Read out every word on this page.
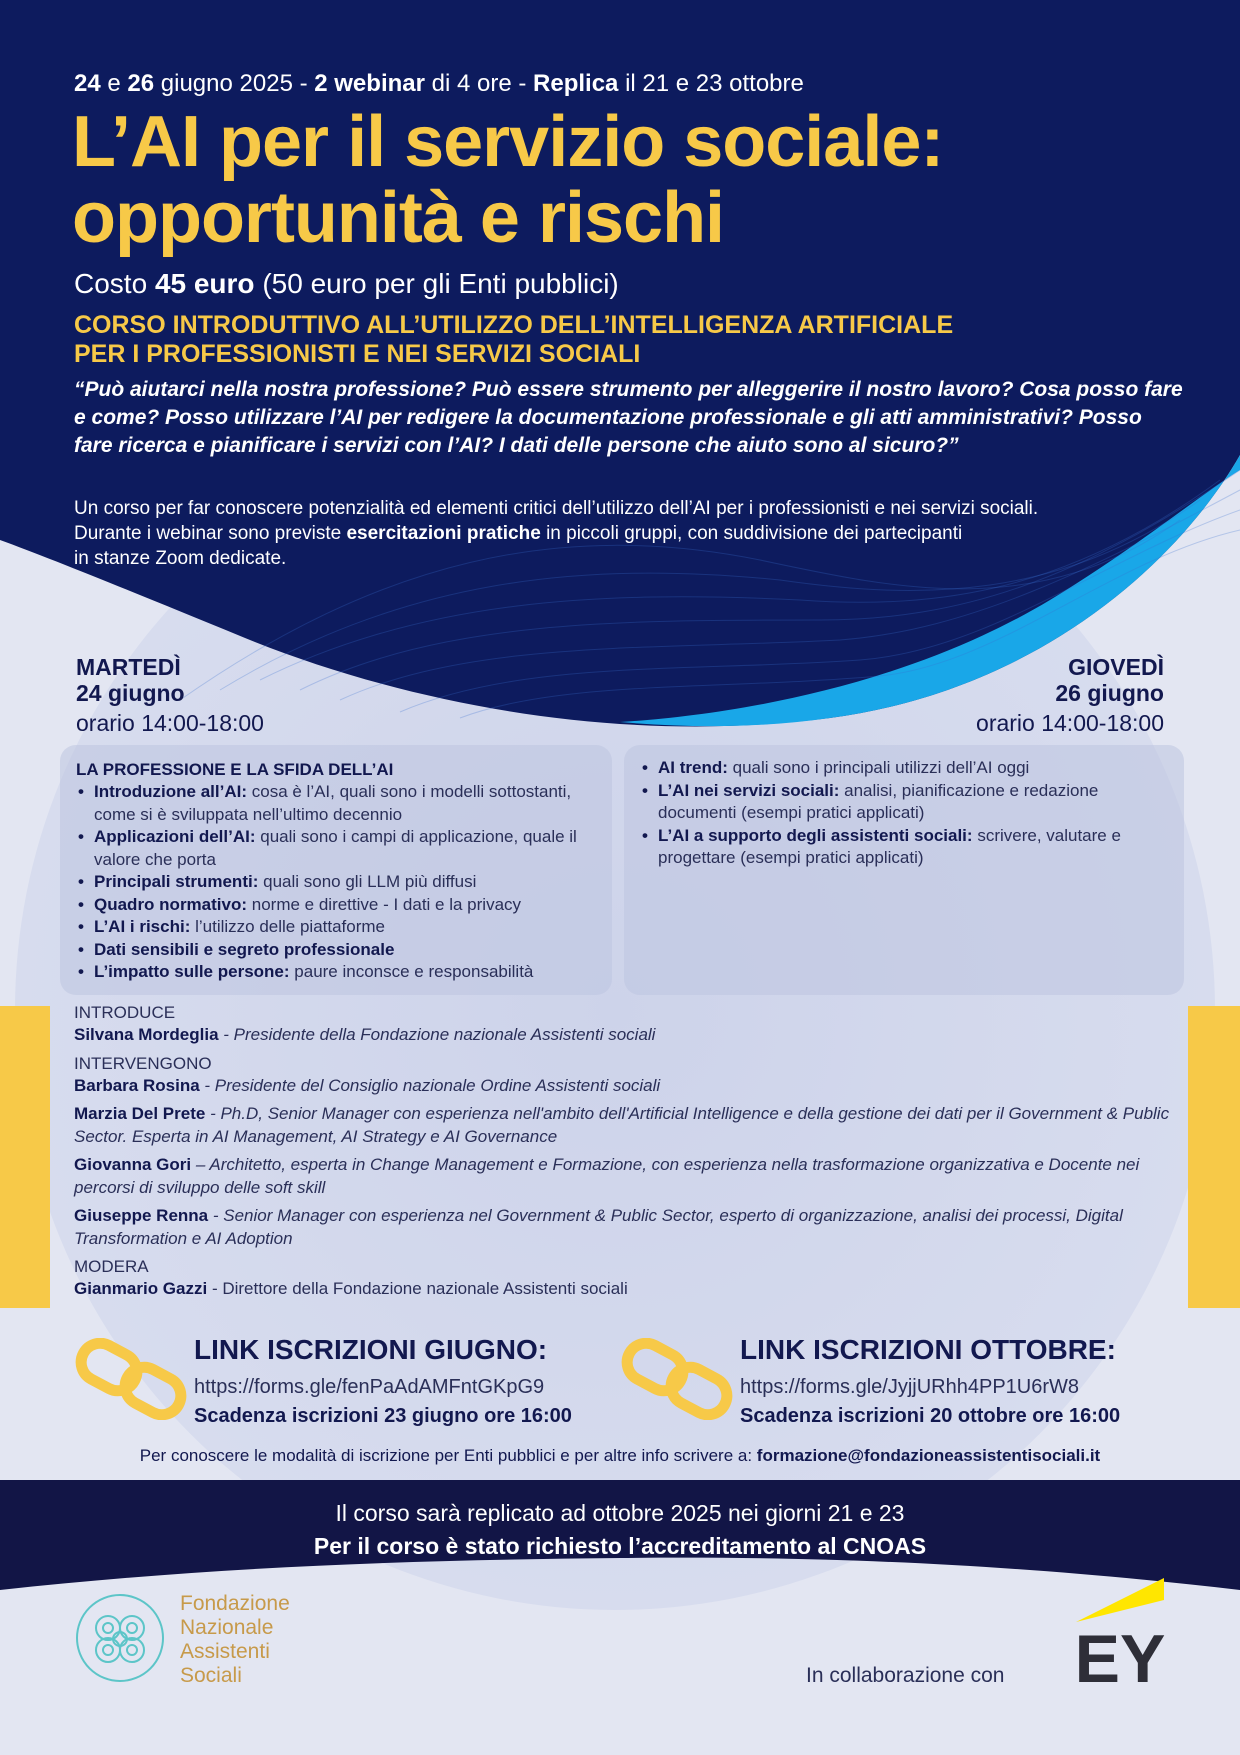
24 e 26 giugno 2025 - 2 webinar di 4 ore - Replica il 21 e 23 ottobre
L’AI per il servizio sociale: opportunità e rischi
Costo 45 euro (50 euro per gli Enti pubblici)
CORSO INTRODUTTIVO ALL’UTILIZZO DELL’INTELLIGENZA ARTIFICIALE
PER I PROFESSIONISTI E NEI SERVIZI SOCIALI

“Può aiutarci nella nostra professione? Può essere strumento per alleggerire il nostro lavoro? Cosa posso fare e come? Posso utilizzare l’AI per redigere la documentazione professionale e gli atti amministrativi? Posso fare ricerca e pianificare i servizi con l’AI? I dati delle persone che aiuto sono al sicuro?”

Un corso per far conoscere potenzialità ed elementi critici dell’utilizzo dell’AI per i professionisti e nei servizi sociali.
Durante i webinar sono previste esercitazioni pratiche in piccoli gruppi, con suddivisione dei partecipanti
in stanze Zoom dedicate.
MARTEDÌ
24 giugno
orario 14:00-18:00
GIOVEDÌ
26 giugno
orario 14:00-18:00
LA PROFESSIONE E LA SFIDA DELL’AI
• Introduzione all’AI: cosa è l’AI, quali sono i modelli sottostanti, come si è sviluppata nell’ultimo decennio
• Applicazioni dell’AI: quali sono i campi di applicazione, quale il valore che porta
• Principali strumenti: quali sono gli LLM più diffusi
• Quadro normativo: norme e direttive - I dati e la privacy
• L’AI i rischi: l’utilizzo delle piattaforme
• Dati sensibili e segreto professionale
• L’impatto sulle persone: paure inconsce e responsabilità
• AI trend: quali sono i principali utilizzi dell’AI oggi
• L’AI nei servizi sociali: analisi, pianificazione e redazione documenti (esempi pratici applicati)
• L’AI a supporto degli assistenti sociali: scrivere, valutare e progettare (esempi pratici applicati)
INTRODUCE
Silvana Mordeglia - Presidente della Fondazione nazionale Assistenti sociali
INTERVENGONO
Barbara Rosina - Presidente del Consiglio nazionale Ordine Assistenti sociali
Marzia Del Prete - Ph.D, Senior Manager con esperienza nell'ambito dell'Artificial Intelligence e della gestione dei dati per il Government & Public Sector. Esperta in AI Management, AI Strategy e AI Governance
Giovanna Gori – Architetto, esperta in Change Management e Formazione, con esperienza nella trasformazione organizzativa e Docente nei percorsi di sviluppo delle soft skill
Giuseppe Renna - Senior Manager con esperienza nel Government & Public Sector, esperto di organizzazione, analisi dei processi, Digital Transformation e AI Adoption
MODERA
Gianmario Gazzi - Direttore della Fondazione nazionale Assistenti sociali
LINK ISCRIZIONI GIUGNO:
https://forms.gle/fenPaAdAMFntGKpG9
Scadenza iscrizioni 23 giugno ore 16:00
LINK ISCRIZIONI OTTOBRE:
https://forms.gle/JyjjURhh4PP1U6rW8
Scadenza iscrizioni 20 ottobre ore 16:00
Per conoscere le modalità di iscrizione per Enti pubblici e per altre info scrivere a: formazione@fondazioneassistentisociali.it
Il corso sarà replicato ad ottobre 2025 nei giorni 21 e 23
Per il corso è stato richiesto l’accreditamento al CNOAS
Fondazione
Nazionale
Assistenti
Sociali	In collaborazione con EY
